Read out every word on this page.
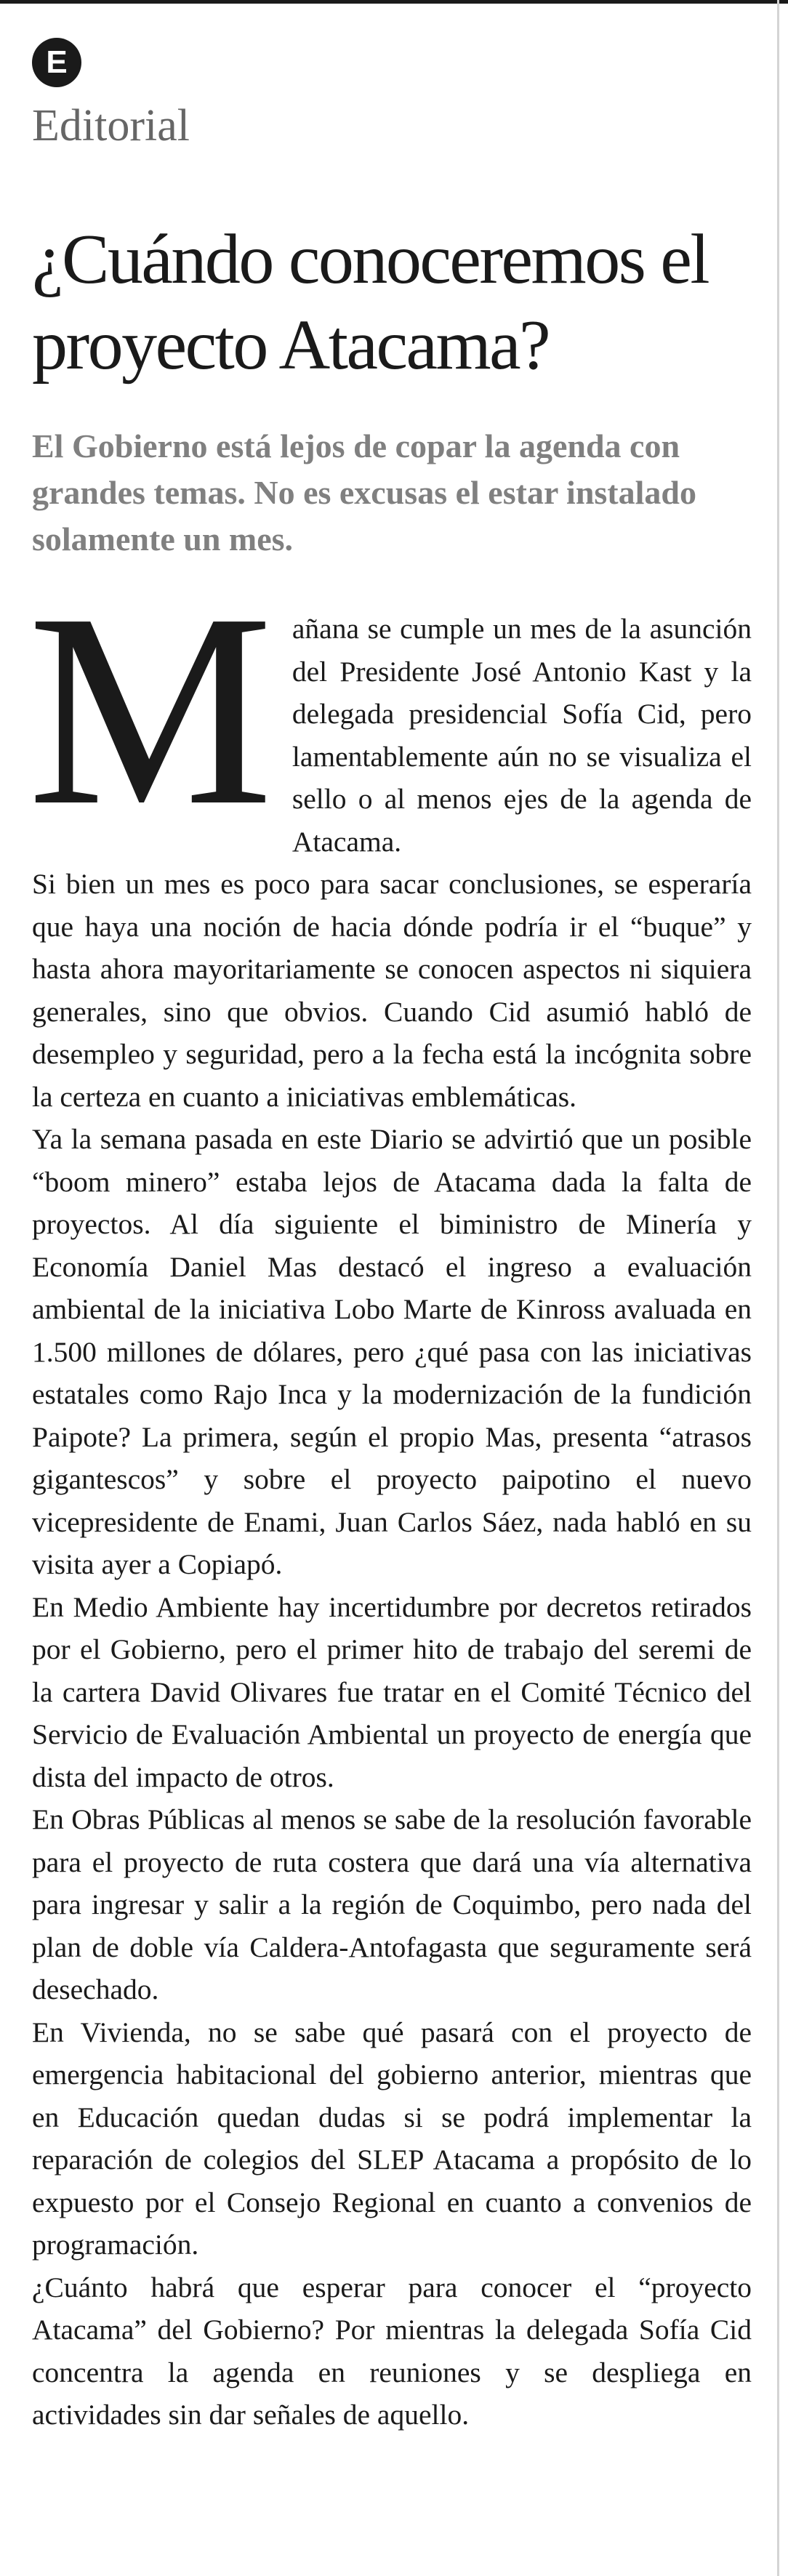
E
Editorial
¿Cuándo conoceremos el proyecto Atacama?

El Gobierno está lejos de copar la agenda con grandes temas. No es excusas el estar instalado solamente un mes.

Mañana se cumple un mes de la asunción del Presidente José Antonio Kast y la delegada presidencial Sofía Cid, pero lamentablemente aún no se visualiza el sello o al menos ejes de la agenda de Atacama.

Si bien un mes es poco para sacar conclusiones, se esperaría que haya una noción de hacia dónde podría ir el “buque” y hasta ahora mayoritariamente se conocen aspectos ni siquiera generales, sino que obvios. Cuando Cid asumió habló de desempleo y seguridad, pero a la fecha está la incógnita sobre la certeza en cuanto a iniciativas emblemáticas.

Ya la semana pasada en este Diario se advirtió que un posible “boom minero” estaba lejos de Atacama dada la falta de proyectos. Al día siguiente el biministro de Minería y Economía Daniel Mas destacó el ingreso a evaluación ambiental de la iniciativa Lobo Marte de Kinross avaluada en 1.500 millones de dólares, pero ¿qué pasa con las iniciativas estatales como Rajo Inca y la modernización de la fundición Paipote? La primera, según el propio Mas, presenta “atrasos gigantescos” y sobre el proyecto paipotino el nuevo vicepresidente de Enami, Juan Carlos Sáez, nada habló en su visita ayer a Copiapó.

En Medio Ambiente hay incertidumbre por decretos retirados por el Gobierno, pero el primer hito de trabajo del seremi de la cartera David Olivares fue tratar en el Comité Técnico del Servicio de Evaluación Ambiental un proyecto de energía que dista del impacto de otros.

En Obras Públicas al menos se sabe de la resolución favorable para el proyecto de ruta costera que dará una vía alternativa para ingresar y salir a la región de Coquimbo, pero nada del plan de doble vía Caldera-Antofagasta que seguramente será desechado.

En Vivienda, no se sabe qué pasará con el proyecto de emergencia habitacional del gobierno anterior, mientras que en Educación quedan dudas si se podrá implementar la reparación de colegios del SLEP Atacama a propósito de lo expuesto por el Consejo Regional en cuanto a convenios de programación.

¿Cuánto habrá que esperar para conocer el “proyecto Atacama” del Gobierno? Por mientras la delegada Sofía Cid concentra la agenda en reuniones y se despliega en actividades sin dar señales de aquello.
